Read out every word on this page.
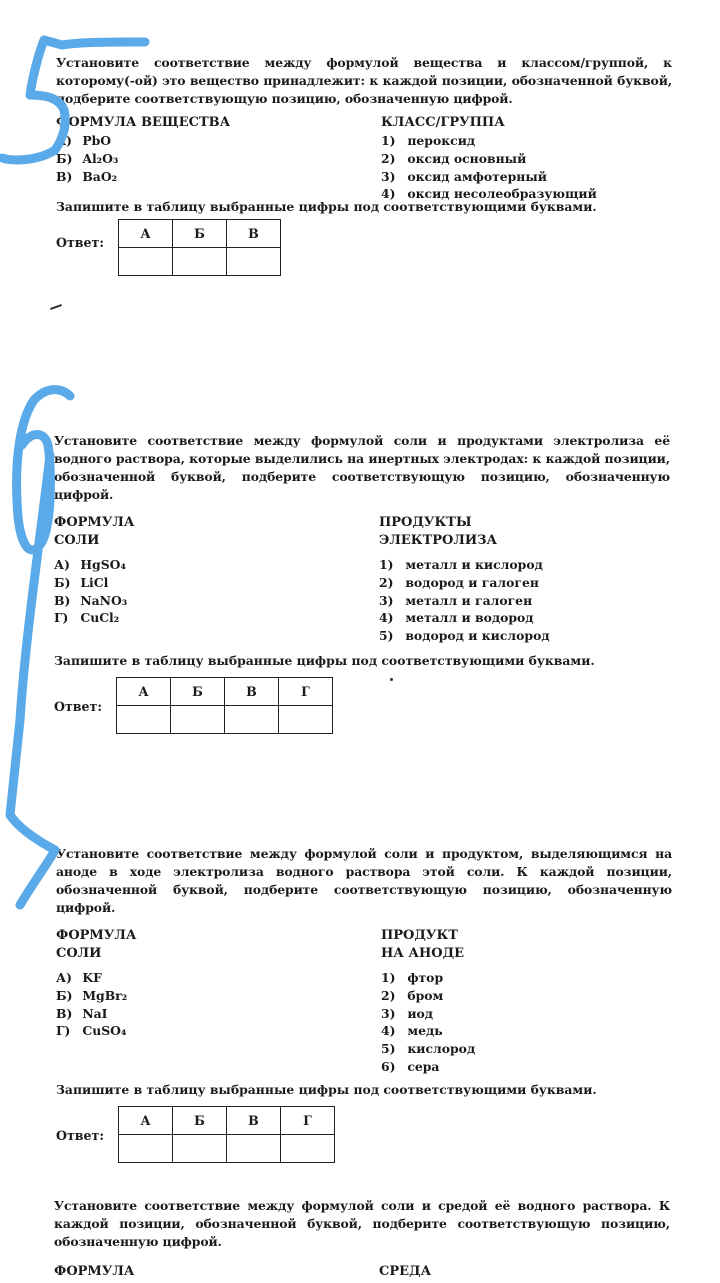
Установите соответствие между формулой вещества и классом/группой, к которому(-ой) это вещество принадлежит: к каждой позиции, обозначенной буквой, подберите соответствующую позицию, обозначенную цифрой.

ФОРМУЛА ВЕЩЕСТВА
А) PbO
Б) Al₂O₃
В) BaO₂
КЛАСС/ГРУППА
1) пероксид
2) оксид основный
3) оксид амфотерный
4) оксид несолеобразующий
Запишите в таблицу выбранные цифры под соответствующими буквами.
Ответ:
А	Б	В

Установите соответствие между формулой соли и продуктами электролиза её водного раствора, которые выделились на инертных электродах: к каждой позиции, обозначенной буквой, подберите соответствующую позицию, обозначенную цифрой.

ФОРМУЛА
СОЛИ
А) HgSO₄
Б) LiCl
В) NaNO₃
Г) CuCl₂
ПРОДУКТЫ
ЭЛЕКТРОЛИЗА
1) металл и кислород
2) водород и галоген
3) металл и галоген
4) металл и водород
5) водород и кислород
Запишите в таблицу выбранные цифры под соответствующими буквами.
Ответ:
А	Б	В	Г

Установите соответствие между формулой соли и продуктом, выделяющимся на аноде в ходе электролиза водного раствора этой соли. К каждой позиции, обозначенной буквой, подберите соответствующую позицию, обозначенную цифрой.

ФОРМУЛА
СОЛИ
А) KF
Б) MgBr₂
В) NaI
Г) CuSO₄
ПРОДУКТ
НА АНОДЕ
1) фтор
2) бром
3) иод
4) медь
5) кислород
6) сера
Запишите в таблицу выбранные цифры под соответствующими буквами.
Ответ:
А	Б	В	Г

Установите соответствие между формулой соли и средой её водного раствора. К каждой позиции, обозначенной буквой, подберите соответствующую позицию, обозначенную цифрой.

ФОРМУЛА	СРЕДА
